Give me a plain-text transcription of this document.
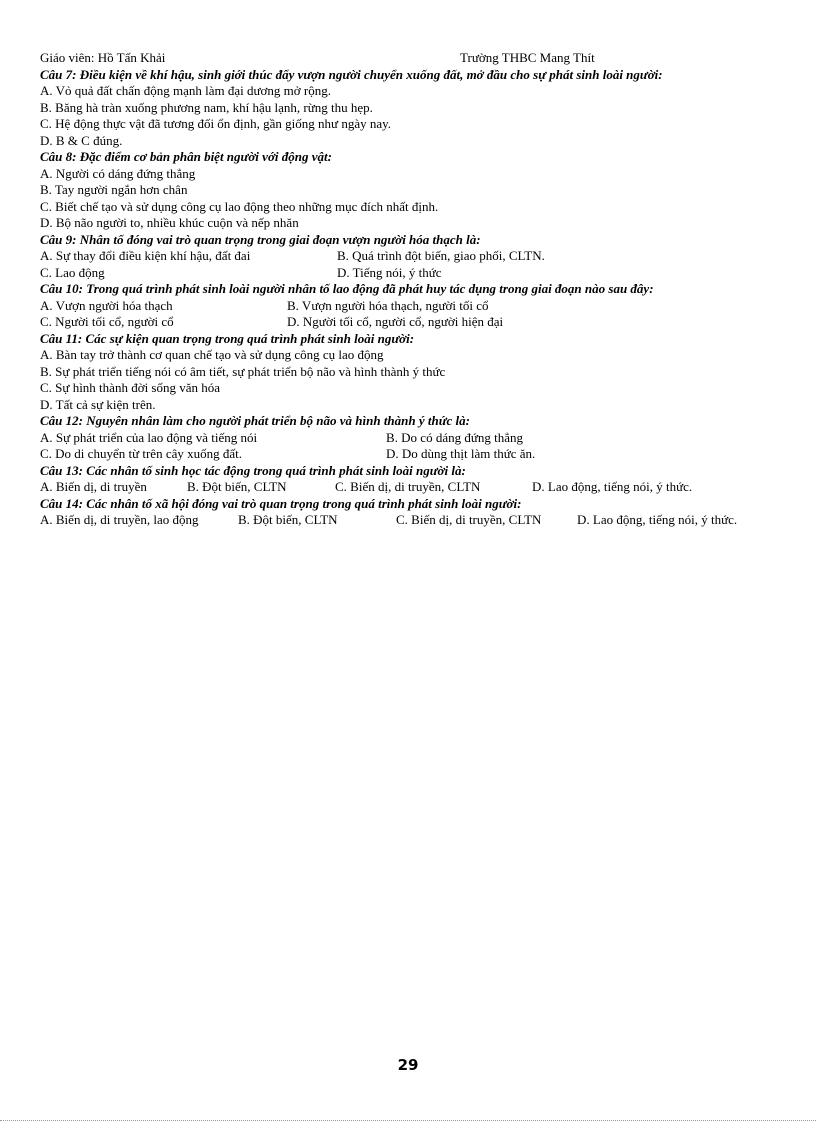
Giáo viên: Hồ Tấn Khải	Trường THBC Mang Thít
Câu 7: Điều kiện về khí hậu, sinh giới thúc đẩy vượn người chuyển xuống đất, mở đầu cho sự phát sinh loài người:
A. Vỏ quả đất chấn động mạnh làm đại dương mở rộng.
B. Băng hà tràn xuống phương nam, khí hậu lạnh, rừng thu hẹp.
C. Hệ động thực vật đã tương đối ổn định, gần giống như ngày nay.
D. B & C đúng.
Câu 8: Đặc điểm cơ bản phân biệt người với động vật:
A. Người có dáng đứng thẳng
B. Tay người ngắn hơn chân
C. Biết chế tạo và sử dụng công cụ lao động theo những mục đích nhất định.
D. Bộ não người to, nhiều khúc cuộn và nếp nhăn
Câu 9: Nhân tố đóng vai trò quan trọng trong giai đoạn vượn người hóa thạch là:
A. Sự thay đổi điều kiện khí hậu, đất đai	B. Quá trình đột biến, giao phối, CLTN.
C. Lao động	D. Tiếng nói, ý thức
Câu 10: Trong quá trình phát sinh loài người nhân tố lao động đã phát huy tác dụng trong giai đoạn nào sau đây:
A. Vượn người hóa thạch	B. Vượn người hóa thạch, người tối cổ
C. Người tối cổ, người cổ	D. Người tối cổ, người cổ, người hiện đại
Câu 11: Các sự kiện quan trọng trong quá trình phát sinh loài người:
A. Bàn tay trở thành cơ quan chế tạo và sử dụng công cụ lao động
B. Sự phát triển tiếng nói có âm tiết, sự phát triển bộ não và hình thành ý thức
C. Sự hình thành đời sống văn hóa
D. Tất cả sự kiện trên.
Câu 12: Nguyên nhân làm cho người phát triển bộ não và hình thành ý thức là:
A. Sự phát triển của lao động và tiếng nói	B. Do có dáng đứng thẳng
C. Do di chuyển từ trên cây xuống đất.	D. Do dùng thịt làm thức ăn.
Câu 13: Các nhân tố sinh học tác động trong quá trình phát sinh loài người là:
A. Biến dị, di truyền	B. Đột biến, CLTN	C. Biến dị, di truyền, CLTN	D. Lao động, tiếng nói, ý thức.
Câu 14: Các nhân tố xã hội đóng vai trò quan trọng trong quá trình phát sinh loài người:
A. Biến dị, di truyền, lao động	B. Đột biến, CLTN	C. Biến dị, di truyền, CLTN	D. Lao động, tiếng nói, ý thức.
29
